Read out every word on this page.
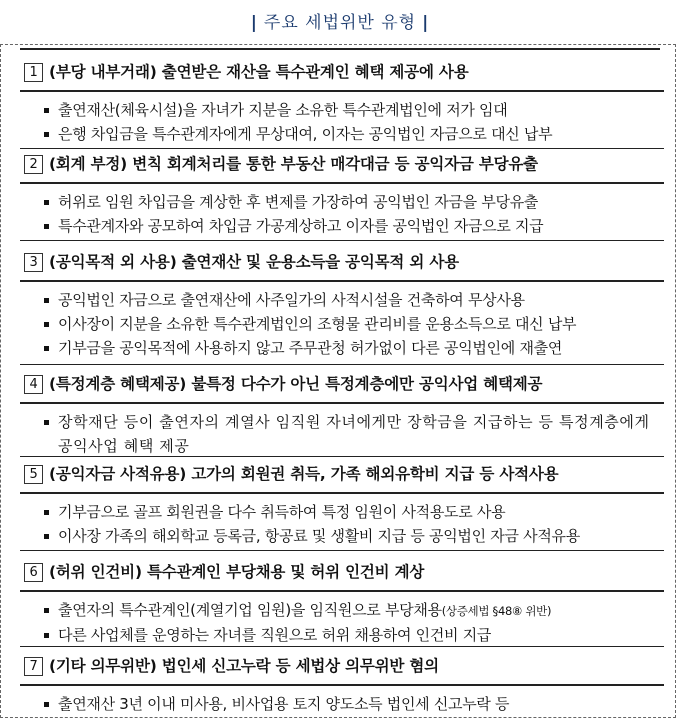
| 주요 세법위반 유형 |
1 (부당 내부거래) 출연받은 재산을 특수관계인 혜택 제공에 사용
출연재산(체육시설)을 자녀가 지분을 소유한 특수관계법인에 저가 임대
은행 차입금을 특수관계자에게 무상대여, 이자는 공익법인 자금으로 대신 납부
2 (회계 부정) 변칙 회계처리를 통한 부동산 매각대금 등 공익자금 부당유출
허위로 임원 차입금을 계상한 후 변제를 가장하여 공익법인 자금을 부당유출
특수관계자와 공모하여 차입금 가공계상하고 이자를 공익법인 자금으로 지급
3 (공익목적 외 사용) 출연재산 및 운용소득을 공익목적 외 사용
공익법인 자금으로 출연재산에 사주일가의 사적시설을 건축하여 무상사용
이사장이 지분을 소유한 특수관계법인의 조형물 관리비를 운용소득으로 대신 납부
기부금을 공익목적에 사용하지 않고 주무관청 허가없이 다른 공익법인에 재출연
4 (특정계층 혜택제공) 불특정 다수가 아닌 특정계층에만 공익사업 혜택제공
장학재단 등이 출연자의 계열사 임직원 자녀에게만 장학금을 지급하는 등 특정계층에게 공익사업 혜택 제공
5 (공익자금 사적유용) 고가의 회원권 취득, 가족 해외유학비 지급 등 사적사용
기부금으로 골프 회원권을 다수 취득하여 특정 임원이 사적용도로 사용
이사장 가족의 해외학교 등록금, 항공료 및 생활비 지급 등 공익법인 자금 사적유용
6 (허위 인건비) 특수관계인 부당채용 및 허위 인건비 계상
출연자의 특수관계인(계열기업 임원)을 임직원으로 부당채용(상증세법 §48⑧ 위반)
다른 사업체를 운영하는 자녀를 직원으로 허위 채용하여 인건비 지급
7 (기타 의무위반) 법인세 신고누락 등 세법상 의무위반 혐의
출연재산 3년 이내 미사용, 비사업용 토지 양도소득 법인세 신고누락 등
